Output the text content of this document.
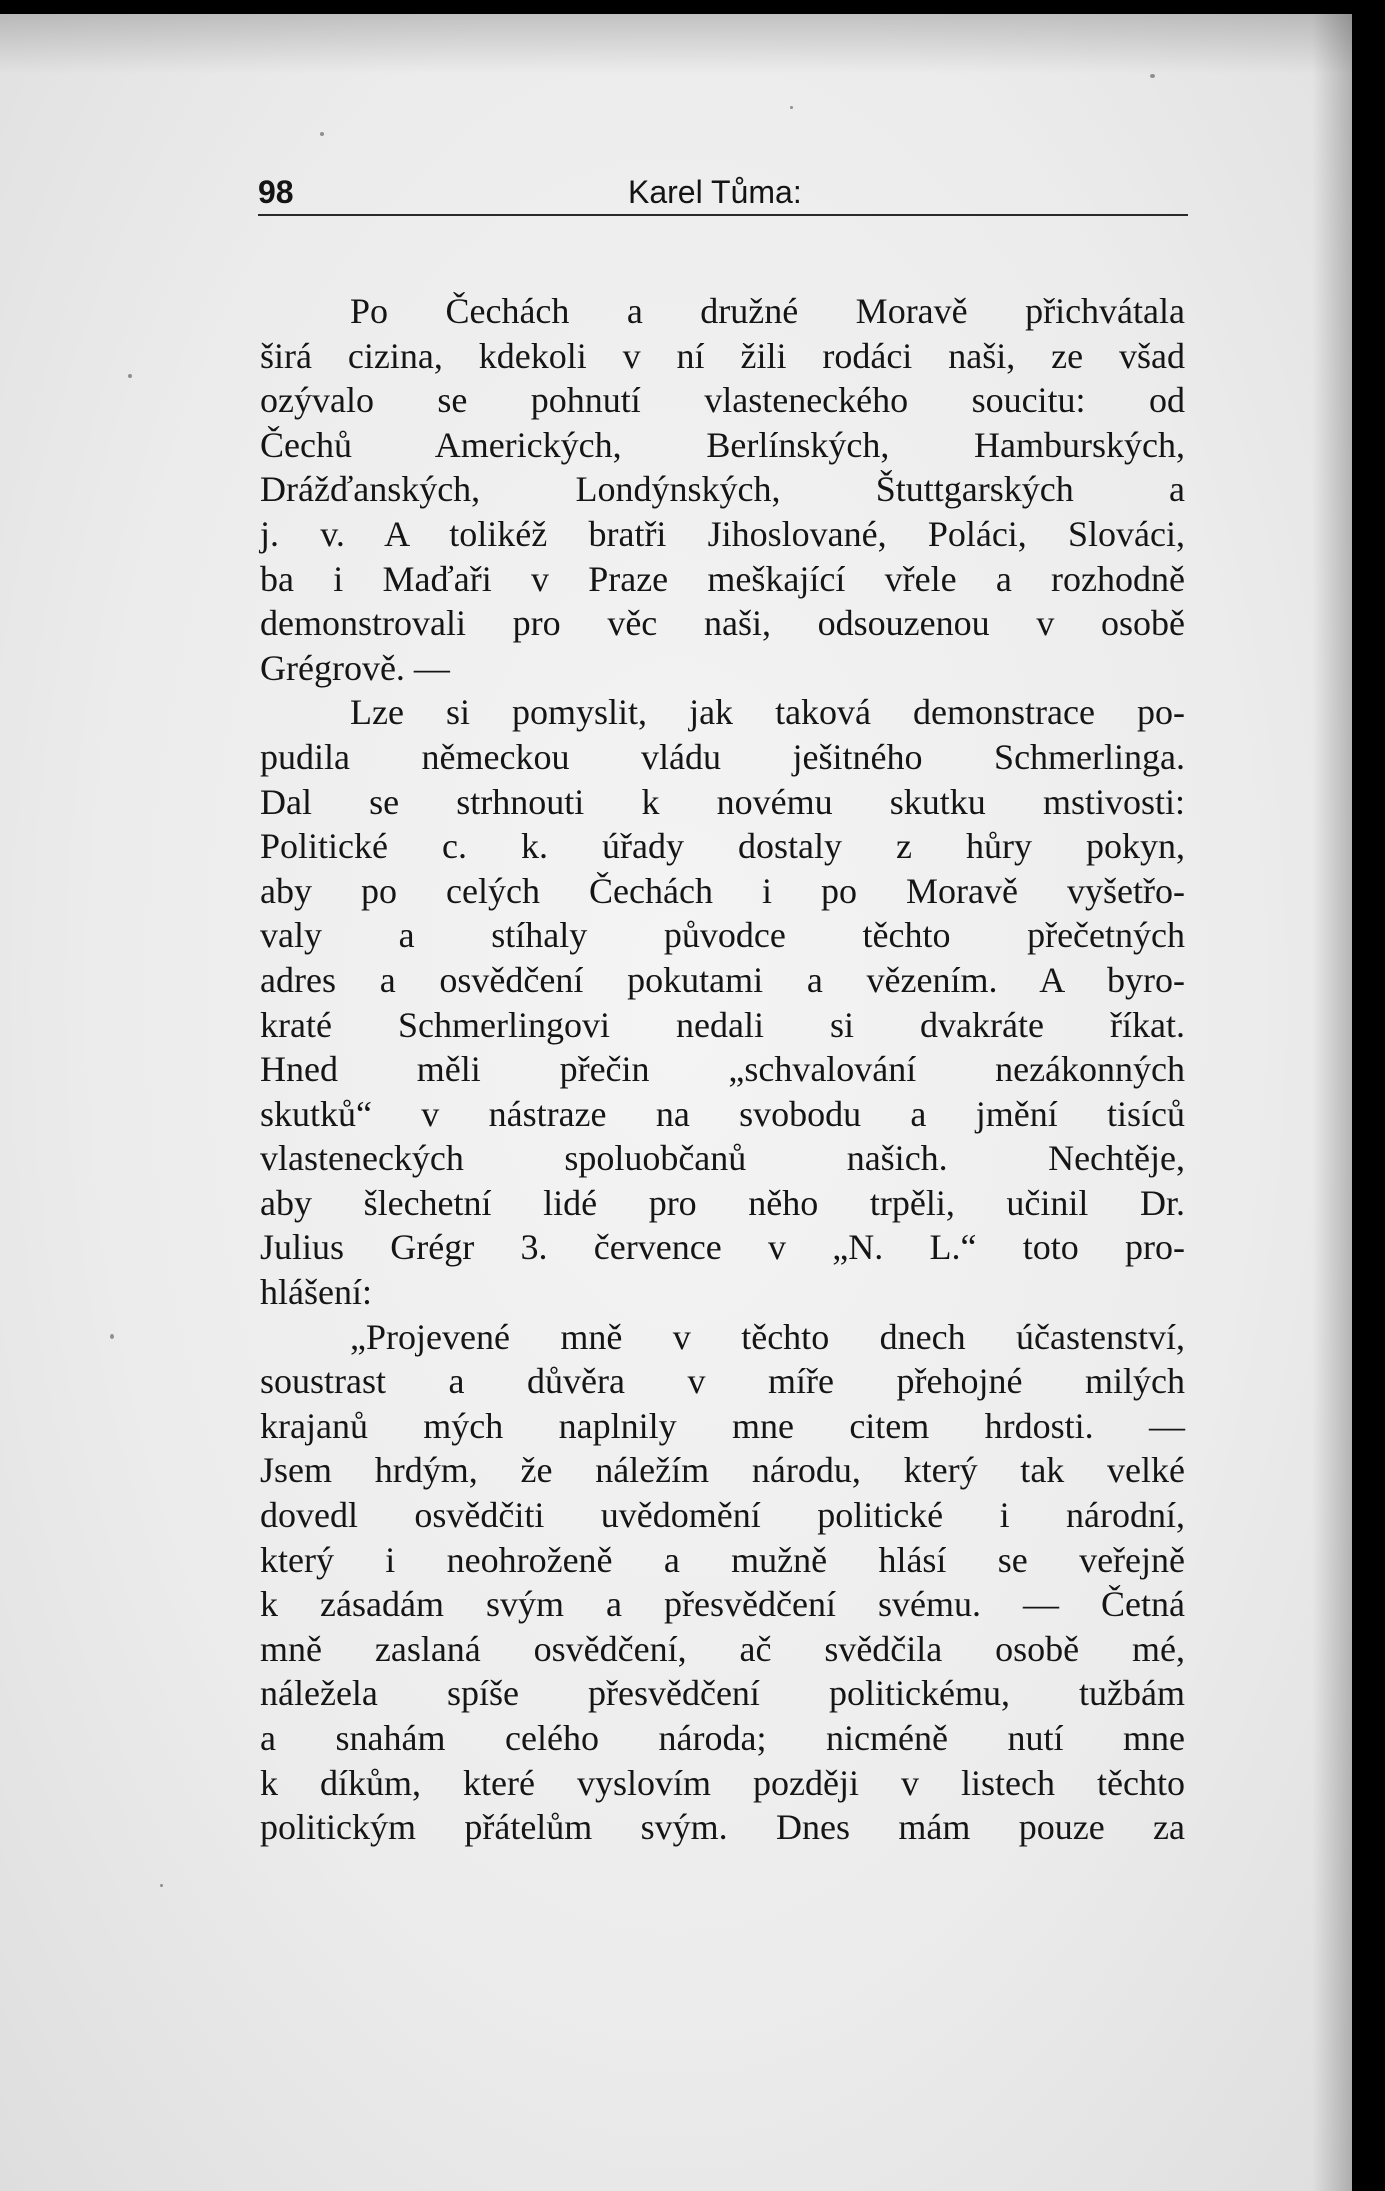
98	Karel Tůma:
Po Čechách a družné Moravě přichvátala
širá cizina, kdekoli v ní žili rodáci naši, ze všad
ozývalo se pohnutí vlasteneckého soucitu: od
Čechů Amerických, Berlínských, Hamburských,
Drážďanských, Londýnských, Štuttgarských a
j. v. A tolikéž bratři Jihoslované, Poláci, Slováci,
ba i Maďaři v Praze meškající vřele a rozhodně
demonstrovali pro věc naši, odsouzenou v osobě
Grégrově. —
Lze si pomyslit, jak taková demonstrace po-
pudila německou vládu ješitného Schmerlinga.
Dal se strhnouti k novému skutku mstivosti:
Politické c. k. úřady dostaly z hůry pokyn,
aby po celých Čechách i po Moravě vyšetřo-
valy a stíhaly původce těchto přečetných
adres a osvědčení pokutami a vězením. A byro-
kraté Schmerlingovi nedali si dvakráte říkat.
Hned měli přečin „schvalování nezákonných
skutků“ v nástraze na svobodu a jmění tisíců
vlasteneckých spoluobčanů našich. Nechtěje,
aby šlechetní lidé pro něho trpěli, učinil Dr.
Julius Grégr 3. července v „N. L.“ toto pro-
hlášení:
„Projevené mně v těchto dnech účastenství,
soustrast a důvěra v míře přehojné milých
krajanů mých naplnily mne citem hrdosti. —
Jsem hrdým, že náležím národu, který tak velké
dovedl osvědčiti uvědomění politické i národní,
který i neohroženě a mužně hlásí se veřejně
k zásadám svým a přesvědčení svému. — Četná
mně zaslaná osvědčení, ač svědčila osobě mé,
náležela spíše přesvědčení politickému, tužbám
a snahám celého národa; nicméně nutí mne
k díkům, které vyslovím později v listech těchto
politickým přátelům svým. Dnes mám pouze za
